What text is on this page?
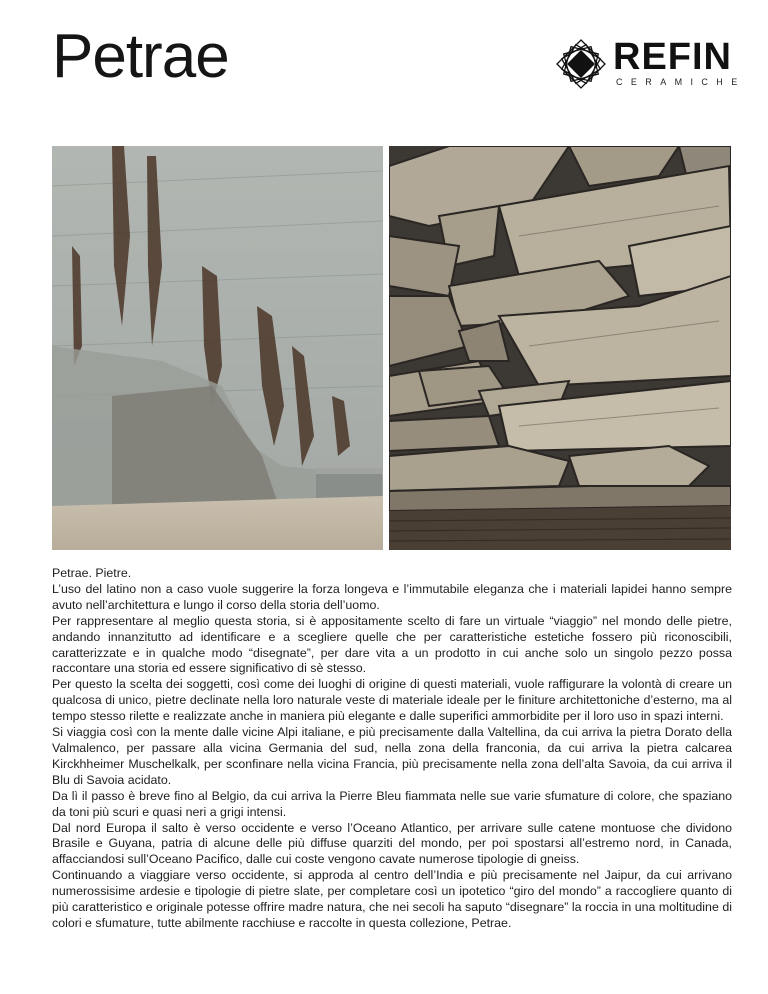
Petrae	REFIN
CERAMICHE

Petrae. Pietre.

L’uso del latino non a caso vuole suggerire la forza longeva e l’immutabile eleganza che i materiali lapidei hanno sempre avuto nell’architettura e lungo il corso della storia dell’uomo.

Per rappresentare al meglio questa storia, si è appositamente scelto di fare un virtuale “viaggio” nel mondo delle pietre, andando innanzitutto ad identificare e a scegliere quelle che per caratteristiche estetiche fossero più riconoscibili, caratterizzate e in qualche modo “disegnate”, per dare vita a un prodotto in cui anche solo un singolo pezzo possa raccontare una storia ed essere significativo di sè stesso.

Per questo la scelta dei soggetti, così come dei luoghi di origine di questi materiali, vuole raffigurare la volontà di creare un qualcosa di unico, pietre declinate nella loro naturale veste di materiale ideale per le finiture architettoniche d’esterno, ma al tempo stesso rilette e realizzate anche in maniera più elegante e dalle superifici ammorbidite per il loro uso in spazi interni.

Si viaggia così con la mente dalle vicine Alpi italiane, e più precisamente dalla Valtellina, da cui arriva la pietra Dorato della Valmalenco, per passare alla vicina Germania del sud, nella zona della franconia, da cui arriva la pietra calcarea Kirckhheimer Muschelkalk, per sconfinare nella vicina Francia, più precisamente nella zona dell’alta Savoia, da cui arriva il Blu di Savoia acidato.

Da lì il passo è breve fino al Belgio, da cui arriva la Pierre Bleu fiammata nelle sue varie sfumature di colore, che spaziano da toni più scuri e quasi neri a grigi intensi.

Dal nord Europa il salto è verso occidente e verso l’Oceano Atlantico, per arrivare sulle catene montuose che dividono Brasile e Guyana, patria di alcune delle più diffuse quarziti del mondo, per poi spostarsi all’estremo nord, in Canada, affacciandosi sull’Oceano Pacifico, dalle cui coste vengono cavate numerose tipologie di gneiss.

Continuando a viaggiare verso occidente, si approda al centro dell’India e più precisamente nel Jaipur, da cui arrivano numerossisime ardesie e tipologie di pietre slate, per completare così un ipotetico “giro del mondo” a raccogliere quanto di più caratteristico e originale potesse offrire madre natura, che nei secoli ha saputo “disegnare” la roccia in una moltitudine di colori e sfumature, tutte abilmente racchiuse e raccolte in questa collezione, Petrae.
